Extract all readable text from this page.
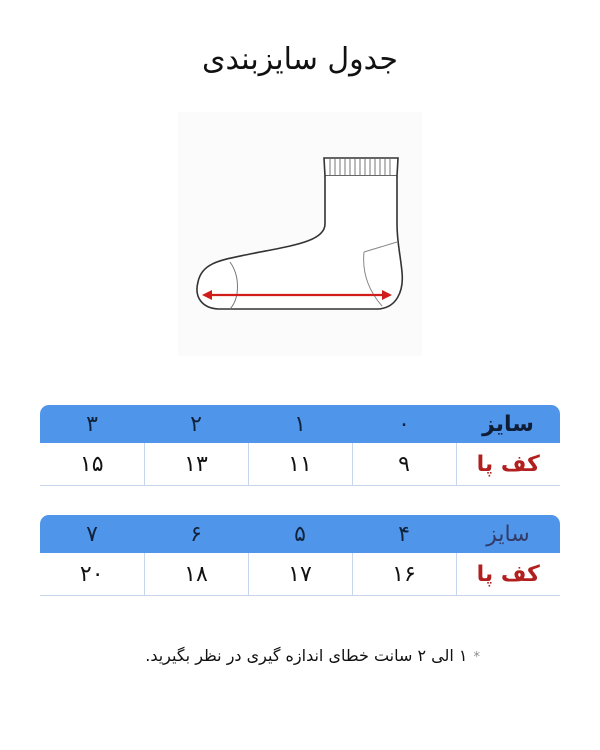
جدول سایزبندی
سایز	۰	۱	۲	۳
کف پا	۹	۱۱	۱۳	۱۵
سایز	۴	۵	۶	۷
کف پا	۱۶	۱۷	۱۸	۲۰
*۱ الی ۲ سانت خطای اندازه گیری در نظر بگیرید.
